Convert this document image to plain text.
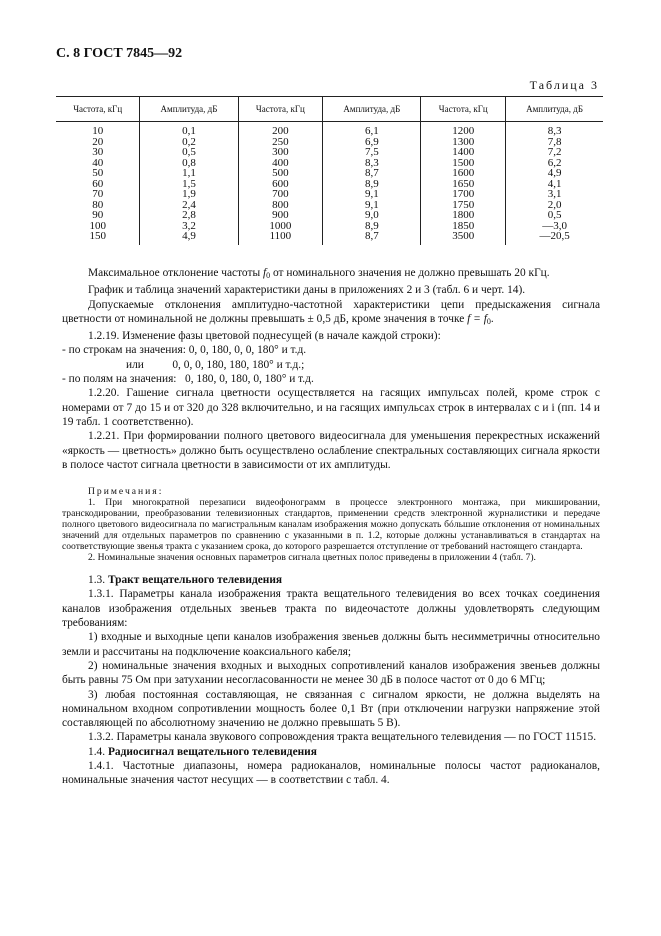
С. 8 ГОСТ 7845—92
Таблица 3
Частота, кГц	Амплитуда, дБ	Частота, кГц	Амплитуда, дБ	Частота, кГц	Амплитуда, дБ
10	0,1	200	6,1	1200	8,3
20	0,2	250	6,9	1300	7,8
30	0,5	300	7,5	1400	7,2
40	0,8	400	8,3	1500	6,2
50	1,1	500	8,7	1600	4,9
60	1,5	600	8,9	1650	4,1
70	1,9	700	9,1	1700	3,1
80	2,4	800	9,1	1750	2,0
90	2,8	900	9,0	1800	0,5
100	3,2	1000	8,9	1850	—3,0
150	4,9	1100	8,7	3500	—20,5

Максимальное отклонение частоты $f_0$ от номинального значения не должно превышать 20 кГц.

График и таблица значений характеристики даны в приложениях 2 и 3 (табл. 6 и черт. 14).

Допускаемые отклонения амплитудно-частотной характеристики цепи предыскажения сигнала цветности от номинальной не должны превышать ± 0,5 дБ, кроме значения в точке $f = f_0$.

1.2.19. Изменение фазы цветовой поднесущей (в начале каждой строки):

- по строкам на значения: 0, 0, 180, 0, 0, 180° и т.д.

или          0, 0, 0, 180, 180, 180° и т.д.;

- по полям на значения:   0, 180, 0, 180, 0, 180° и т.д.

1.2.20. Гашение сигнала цветности осуществляется на гасящих импульсах полей, кроме строк с номерами от 7 до 15 и от 320 до 328 включительно, и на гасящих импульсах строк в интервалах c и i (пп. 14 и 19 табл. 1 соответственно).

1.2.21. При формировании полного цветового видеосигнала для уменьшения перекрестных искажений «яркость — цветность» должно быть осуществлено ослабление спектральных составляющих сигнала яркости в полосе частот сигнала цветности в зависимости от их амплитуды.

Примечания:

1. При многократной перезаписи видеофонограмм в процессе электронного монтажа, при микшировании, транскодировании, преобразовании телевизионных стандартов, применении средств электронной журналистики и передаче полного цветового видеосигнала по магистральным каналам изображения можно допускать бóльшие отклонения от номинальных значений для отдельных параметров по сравнению с указанными в п. 1.2, которые должны устанавливаться в стандартах на соответствующие звенья тракта с указанием срока, до которого разрешается отступление от требований настоящего стандарта.

2. Номинальные значения основных параметров сигнала цветных полос приведены в приложении 4 (табл. 7).

1.3. Тракт вещательного телевидения

1.3.1. Параметры канала изображения тракта вещательного телевидения во всех точках соединения каналов изображения отдельных звеньев тракта по видеочастоте должны удовлетворять следующим требованиям:

1) входные и выходные цепи каналов изображения звеньев должны быть несимметричны относительно земли и рассчитаны на подключение коаксиального кабеля;

2) номинальные значения входных и выходных сопротивлений каналов изображения звеньев должны быть равны 75 Ом при затухании несогласованности не менее 30 дБ в полосе частот от 0 до 6 МГц;

3) любая постоянная составляющая, не связанная с сигналом яркости, не должна выделять на номинальном входном сопротивлении мощность более 0,1 Вт (при отключении нагрузки напряжение этой составляющей по абсолютному значению не должно превышать 5 В).

1.3.2. Параметры канала звукового сопровождения тракта вещательного телевидения — по ГОСТ 11515.

1.4. Радиосигнал вещательного телевидения

1.4.1. Частотные диапазоны, номера радиоканалов, номинальные полосы частот радиоканалов, номинальные значения частот несущих — в соответствии с табл. 4.
